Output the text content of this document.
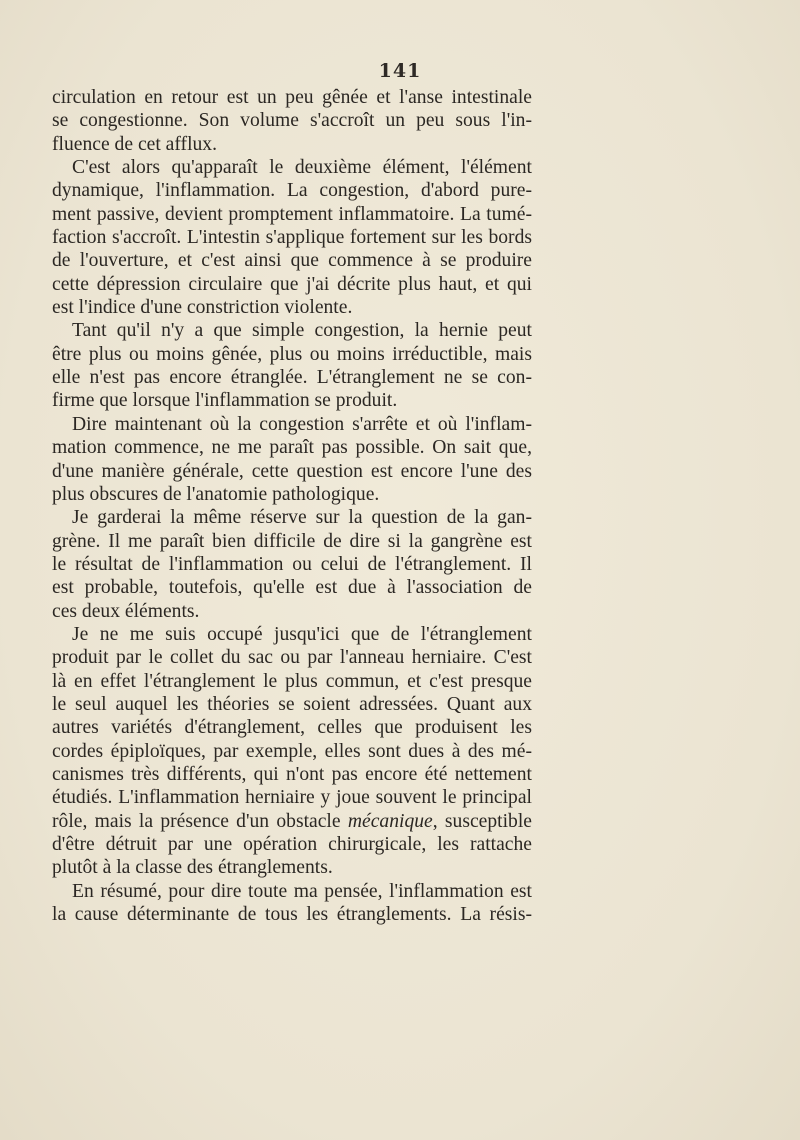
141
circulation en retour est un peu gênée et l'anse intestinale
se congestionne. Son volume s'accroît un peu sous l'in-
fluence de cet afflux.
C'est alors qu'apparaît le deuxième élément, l'élément
dynamique, l'inflammation. La congestion, d'abord pure-
ment passive, devient promptement inflammatoire. La tumé-
faction s'accroît. L'intestin s'applique fortement sur les bords
de l'ouverture, et c'est ainsi que commence à se produire
cette dépression circulaire que j'ai décrite plus haut, et qui
est l'indice d'une constriction violente.
Tant qu'il n'y a que simple congestion, la hernie peut
être plus ou moins gênée, plus ou moins irréductible, mais
elle n'est pas encore étranglée. L'étranglement ne se con-
firme que lorsque l'inflammation se produit.
Dire maintenant où la congestion s'arrête et où l'inflam-
mation commence, ne me paraît pas possible. On sait que,
d'une manière générale, cette question est encore l'une des
plus obscures de l'anatomie pathologique.
Je garderai la même réserve sur la question de la gan-
grène. Il me paraît bien difficile de dire si la gangrène est
le résultat de l'inflammation ou celui de l'étranglement. Il
est probable, toutefois, qu'elle est due à l'association de
ces deux éléments.
Je ne me suis occupé jusqu'ici que de l'étranglement
produit par le collet du sac ou par l'anneau herniaire. C'est
là en effet l'étranglement le plus commun, et c'est presque
le seul auquel les théories se soient adressées. Quant aux
autres variétés d'étranglement, celles que produisent les
cordes épiploïques, par exemple, elles sont dues à des mé-
canismes très différents, qui n'ont pas encore été nettement
étudiés. L'inflammation herniaire y joue souvent le principal
rôle, mais la présence d'un obstacle mécanique, susceptible
d'être détruit par une opération chirurgicale, les rattache
plutôt à la classe des étranglements.
En résumé, pour dire toute ma pensée, l'inflammation est
la cause déterminante de tous les étranglements. La résis-
